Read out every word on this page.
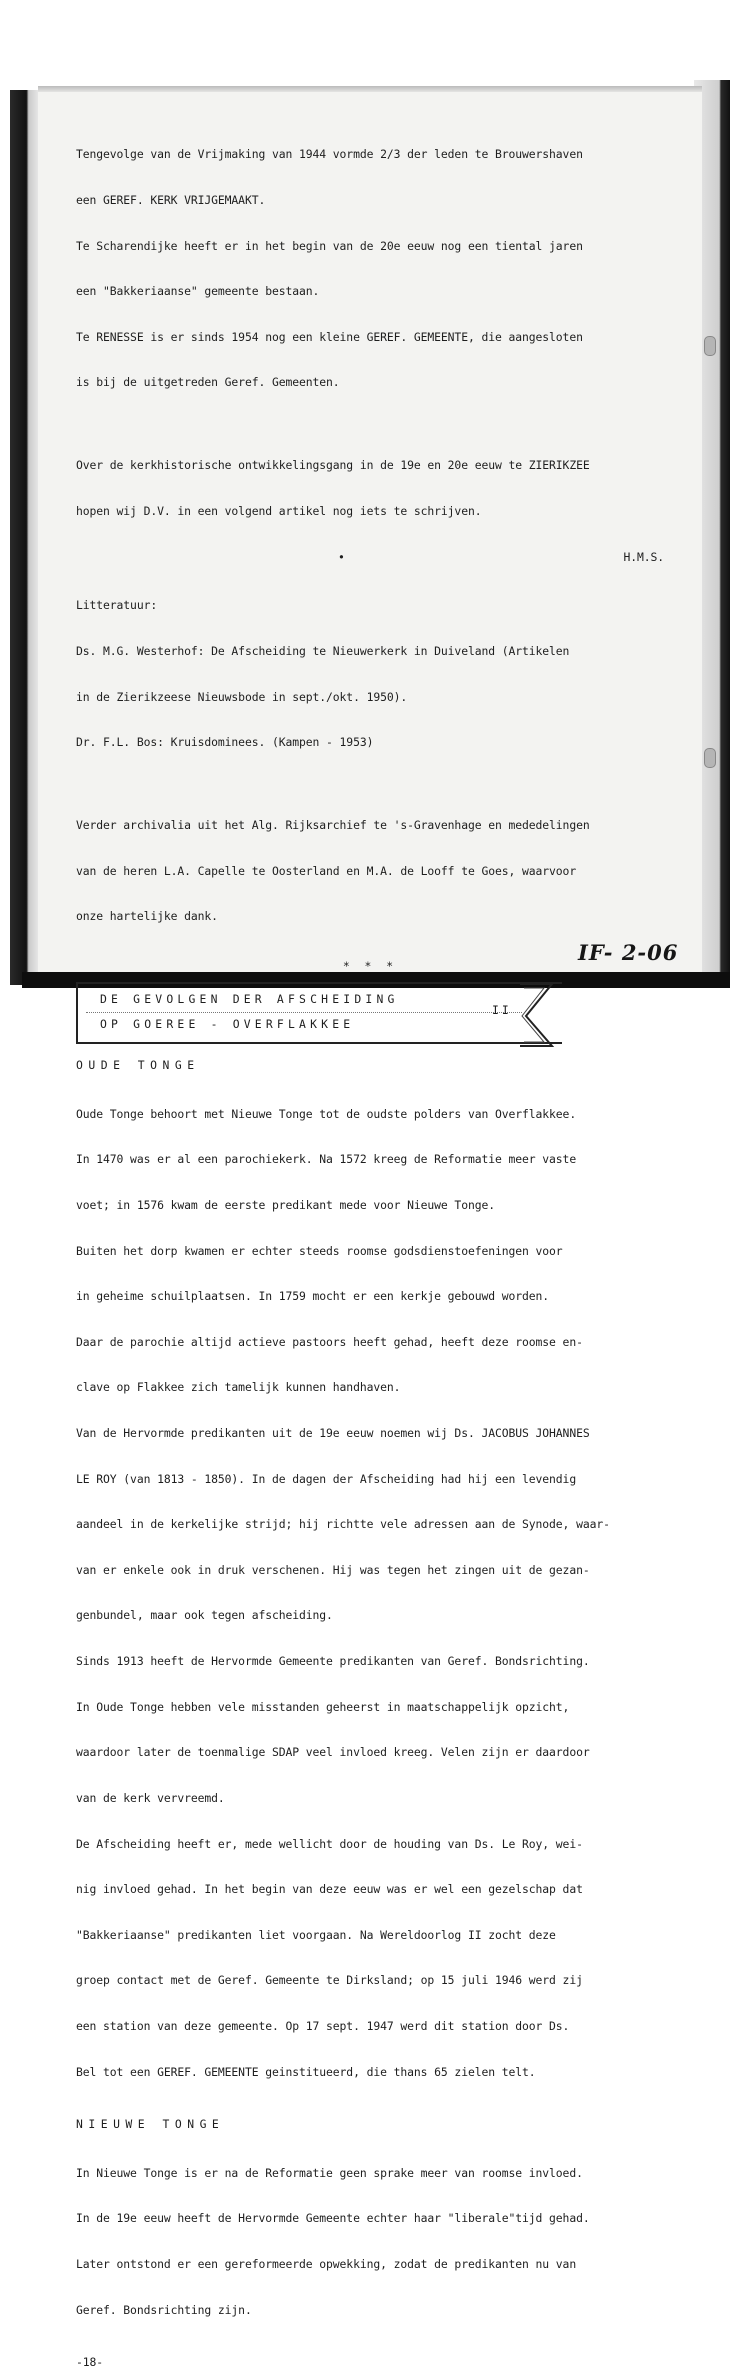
Tengevolge van de Vrijmaking van 1944 vormde 2/3 der leden te Brouwershaven

een GEREF. KERK VRIJGEMAAKT.

Te Scharendijke heeft er in het begin van de 20e eeuw nog een tiental jaren

een "Bakkeriaanse" gemeente bestaan.

Te RENESSE is er sinds 1954 nog een kleine GEREF. GEMEENTE, die aangesloten

is bij de uitgetreden Geref. Gemeenten.

Over de kerkhistorische ontwikkelingsgang in de 19e en 20e eeuw te ZIERIKZEE

hopen wij D.V. in een volgend artikel nog iets te schrijven.

•	H.M.S.

Litteratuur:

Ds. M.G. Westerhof: De Afscheiding te Nieuwerkerk in Duiveland (Artikelen

in de Zierikzeese Nieuwsbode in sept./okt. 1950).

Dr. F.L. Bos: Kruisdominees. (Kampen - 1953)

Verder archivalia uit het Alg. Rijksarchief te 's-Gravenhage en mededelingen

van de heren L.A. Capelle te Oosterland en M.A. de Looff te Goes, waarvoor

onze hartelijke dank.

* * *
DE GEVOLGEN DER AFSCHEIDING
OP GOEREE - OVERFLAKKEE
II
OUDE TONGE

Oude Tonge behoort met Nieuwe Tonge tot de oudste polders van Overflakkee.

In 1470 was er al een parochiekerk. Na 1572 kreeg de Reformatie meer vaste

voet; in 1576 kwam de eerste predikant mede voor Nieuwe Tonge.

Buiten het dorp kwamen er echter steeds roomse godsdienstoefeningen voor

in geheime schuilplaatsen. In 1759 mocht er een kerkje gebouwd worden.

Daar de parochie altijd actieve pastoors heeft gehad, heeft deze roomse en-

clave op Flakkee zich tamelijk kunnen handhaven.

Van de Hervormde predikanten uit de 19e eeuw noemen wij Ds. JACOBUS JOHANNES

LE ROY (van 1813 - 1850). In de dagen der Afscheiding had hij een levendig

aandeel in de kerkelijke strijd; hij richtte vele adressen aan de Synode, waar-

van er enkele ook in druk verschenen. Hij was tegen het zingen uit de gezan-

genbundel, maar ook tegen afscheiding.

Sinds 1913 heeft de Hervormde Gemeente predikanten van Geref. Bondsrichting.

In Oude Tonge hebben vele misstanden geheerst in maatschappelijk opzicht,

waardoor later de toenmalige SDAP veel invloed kreeg. Velen zijn er daardoor

van de kerk vervreemd.

De Afscheiding heeft er, mede wellicht door de houding van Ds. Le Roy, wei-

nig invloed gehad. In het begin van deze eeuw was er wel een gezelschap dat

"Bakkeriaanse" predikanten liet voorgaan. Na Wereldoorlog II zocht deze

groep contact met de Geref. Gemeente te Dirksland; op 15 juli 1946 werd zij

een station van deze gemeente. Op 17 sept. 1947 werd dit station door Ds.

Bel tot een GEREF. GEMEENTE geinstitueerd, die thans 65 zielen telt.

NIEUWE TONGE

In Nieuwe Tonge is er na de Reformatie geen sprake meer van roomse invloed.

In de 19e eeuw heeft de Hervormde Gemeente echter haar "liberale"tijd gehad.

Later ontstond er een gereformeerde opwekking, zodat de predikanten nu van

Geref. Bondsrichting zijn.

-18-
IF- 2-06
